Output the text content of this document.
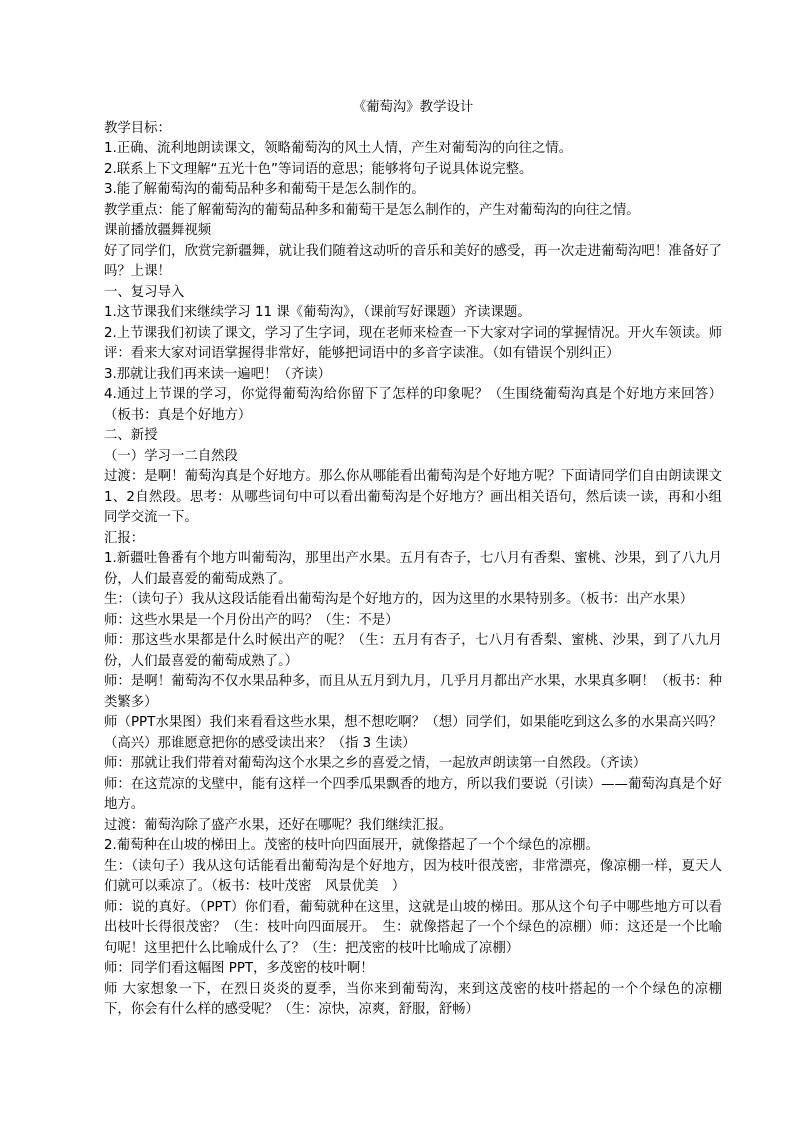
《葡萄沟》教学设计

教学目标：

1.正确、流利地朗读课文，领略葡萄沟的风土人情，产生对葡萄沟的向往之情。

2.联系上下文理解“五光十色”等词语的意思；能够将句子说具体说完整。

3.能了解葡萄沟的葡萄品种多和葡萄干是怎么制作的。

教学重点：能了解葡萄沟的葡萄品种多和葡萄干是怎么制作的，产生对葡萄沟的向往之情。

课前播放疆舞视频

好了同学们，欣赏完新疆舞，就让我们随着这动听的音乐和美好的感受，再一次走进葡萄沟吧！准备好了吗？上课！

一、复习导入

1.这节课我们来继续学习 11 课《葡萄沟》，（课前写好课题）齐读课题。

2.上节课我们初读了课文，学习了生字词，现在老师来检查一下大家对字词的掌握情况。开火车领读。师评：看来大家对词语掌握得非常好，能够把词语中的多音字读准。（如有错误个别纠正）

3.那就让我们再来读一遍吧！（齐读）

4.通过上节课的学习，你觉得葡萄沟给你留下了怎样的印象呢？（生围绕葡萄沟真是个好地方来回答）（板书：真是个好地方）

二、新授

（一）学习一二自然段

过渡：是啊！葡萄沟真是个好地方。那么你从哪能看出葡萄沟是个好地方呢？下面请同学们自由朗读课文1、2自然段。思考：从哪些词句中可以看出葡萄沟是个好地方？画出相关语句，然后读一读，再和小组同学交流一下。

汇报：

1.新疆吐鲁番有个地方叫葡萄沟，那里出产水果。五月有杏子，七八月有香梨、蜜桃、沙果，到了八九月份，人们最喜爱的葡萄成熟了。

生：（读句子）我从这段话能看出葡萄沟是个好地方的，因为这里的水果特别多。（板书：出产水果）

师：这些水果是一个月份出产的吗？（生：不是）

师：那这些水果都是什么时候出产的呢？（生：五月有杏子，七八月有香梨、蜜桃、沙果，到了八九月份，人们最喜爱的葡萄成熟了。）

师：是啊！葡萄沟不仅水果品种多，而且从五月到九月，几乎月月都出产水果，水果真多啊！（板书：种类繁多）

师（PPT水果图）我们来看看这些水果，想不想吃啊？（想）同学们，如果能吃到这么多的水果高兴吗？（高兴）那谁愿意把你的感受读出来？（指 3 生读）

师：那就让我们带着对葡萄沟这个水果之乡的喜爱之情，一起放声朗读第一自然段。（齐读）

师：在这荒凉的戈壁中，能有这样一个四季瓜果飘香的地方，所以我们要说（引读）——葡萄沟真是个好地方。

过渡：葡萄沟除了盛产水果，还好在哪呢？我们继续汇报。

2.葡萄种在山坡的梯田上。茂密的枝叶向四面展开，就像搭起了一个个绿色的凉棚。

生：（读句子）我从这句话能看出葡萄沟是个好地方，因为枝叶很茂密，非常漂亮，像凉棚一样，夏天人们就可以乘凉了。（板书：枝叶茂密　风景优美　）

师：说的真好。（PPT）你们看，葡萄就种在这里，这就是山坡的梯田。那从这个句子中哪些地方可以看出枝叶长得很茂密？（生：枝叶向四面展开。　生：就像搭起了一个个绿色的凉棚）师：这还是一个比喻句呢！这里把什么比喻成什么了？（生：把茂密的枝叶比喻成了凉棚）

师：同学们看这幅图 PPT，多茂密的枝叶啊！

师 大家想象一下，在烈日炎炎的夏季，当你来到葡萄沟，来到这茂密的枝叶搭起的一个个绿色的凉棚下，你会有什么样的感受呢？（生：凉快，凉爽，舒服，舒畅）
